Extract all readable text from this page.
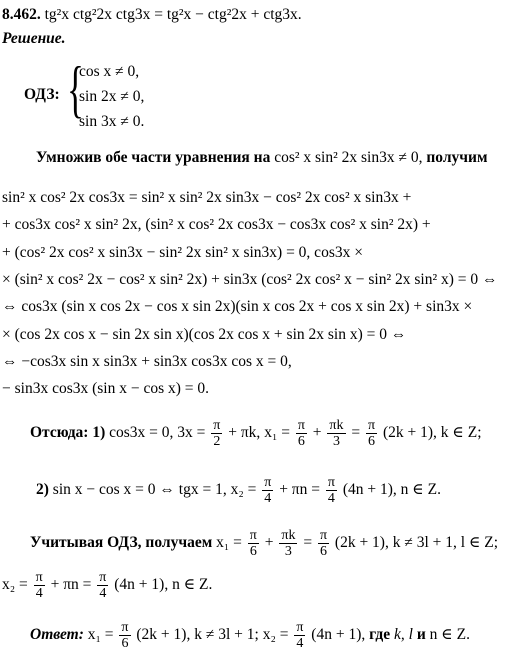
8.462. tg²x ctg²2x ctg3x = tg²x − ctg²2x + ctg3x.
Решение.
ОДЗ: {
cos x ≠ 0,
sin 2x ≠ 0,
sin 3x ≠ 0.
Умножив обе части уравнения на cos² x sin² 2x sin3x ≠ 0, получим
sin² x cos² 2x cos3x = sin² x sin² 2x sin3x − cos² 2x cos² x sin3x +
+ cos3x cos² x sin² 2x, (sin² x cos² 2x cos3x − cos3x cos² x sin² 2x) +
+ (cos² 2x cos² x sin3x − sin² 2x sin² x sin3x) = 0, cos3x ×
× (sin² x cos² 2x − cos² x sin² 2x) + sin3x (cos² 2x cos² x − sin² 2x sin² x) = 0 ⇔
⇔ cos3x (sin x cos 2x − cos x sin 2x)(sin x cos 2x + cos x sin 2x) + sin3x ×
× (cos 2x cos x − sin 2x sin x)(cos 2x cos x + sin 2x sin x) = 0 ⇔
⇔ −cos3x sin x sin3x + sin3x cos3x cos x = 0,
− sin3x cos3x (sin x − cos x) = 0.
Отсюда: 1) cos3x = 0, $3x = \frac{\pi}{2} + \pi k$, $x_1 = \frac{\pi}{6} + \frac{\pi k}{3} = \frac{\pi}{6} (2k + 1)$, k ∈ Z;
2) sin x − cos x = 0 ⇔ tgx = 1, $x_2 = \frac{\pi}{4} + \pi n = \frac{\pi}{4} (4n + 1)$, n ∈ Z.
Учитывая ОДЗ, получаем $x_1 = \frac{\pi}{6} + \frac{\pi k}{3} = \frac{\pi}{6} (2k + 1)$, k ≠ 3l + 1, l ∈ Z;
$x_2 = \frac{\pi}{4} + \pi n = \frac{\pi}{4} (4n + 1)$, n ∈ Z.
Ответ: $x_1 = \frac{\pi}{6} (2k + 1)$, k ≠ 3l + 1; $x_2 = \frac{\pi}{4} (4n + 1)$, где k, l и n ∈ Z.
